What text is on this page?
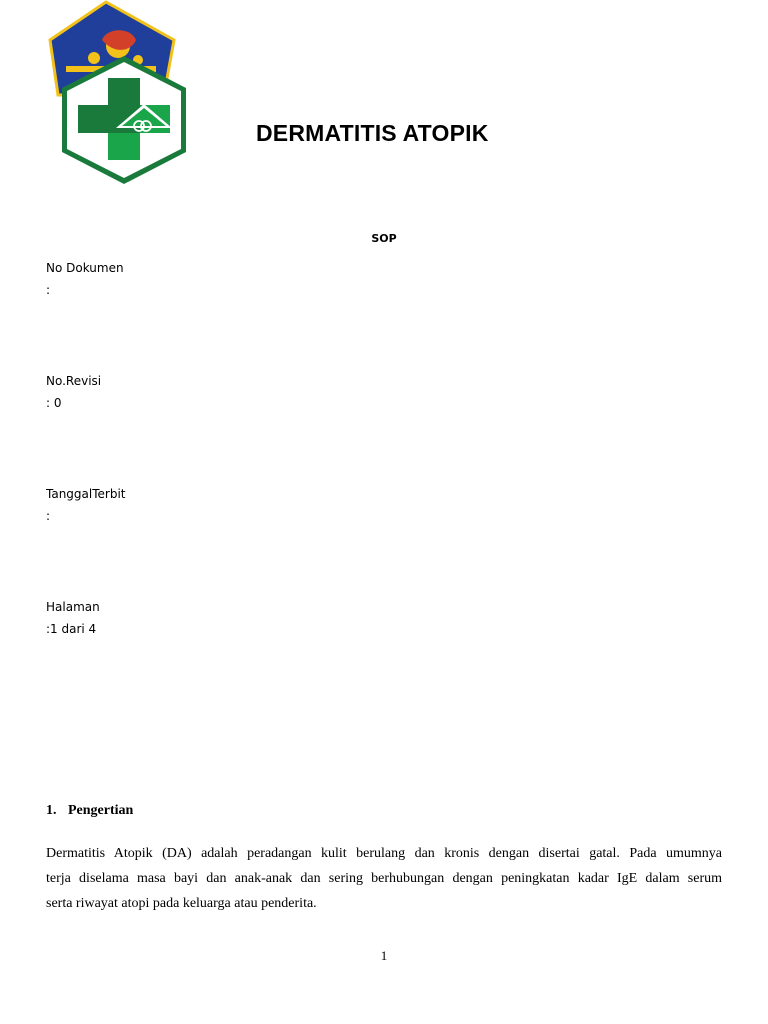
DERMATITIS ATOPIK
SOP
No Dokumen
:
No.Revisi
: 0
TanggalTerbit
:
Halaman
:1 dari 4
1. Pengertian
Dermatitis Atopik (DA) adalah peradangan kulit berulang dan kronis dengan disertai gatal. Pada umumnya
terja diselama masa bayi dan anak-anak dan sering berhubungan dengan peningkatan kadar IgE dalam serum
serta riwayat atopi pada keluarga atau penderita.
1
